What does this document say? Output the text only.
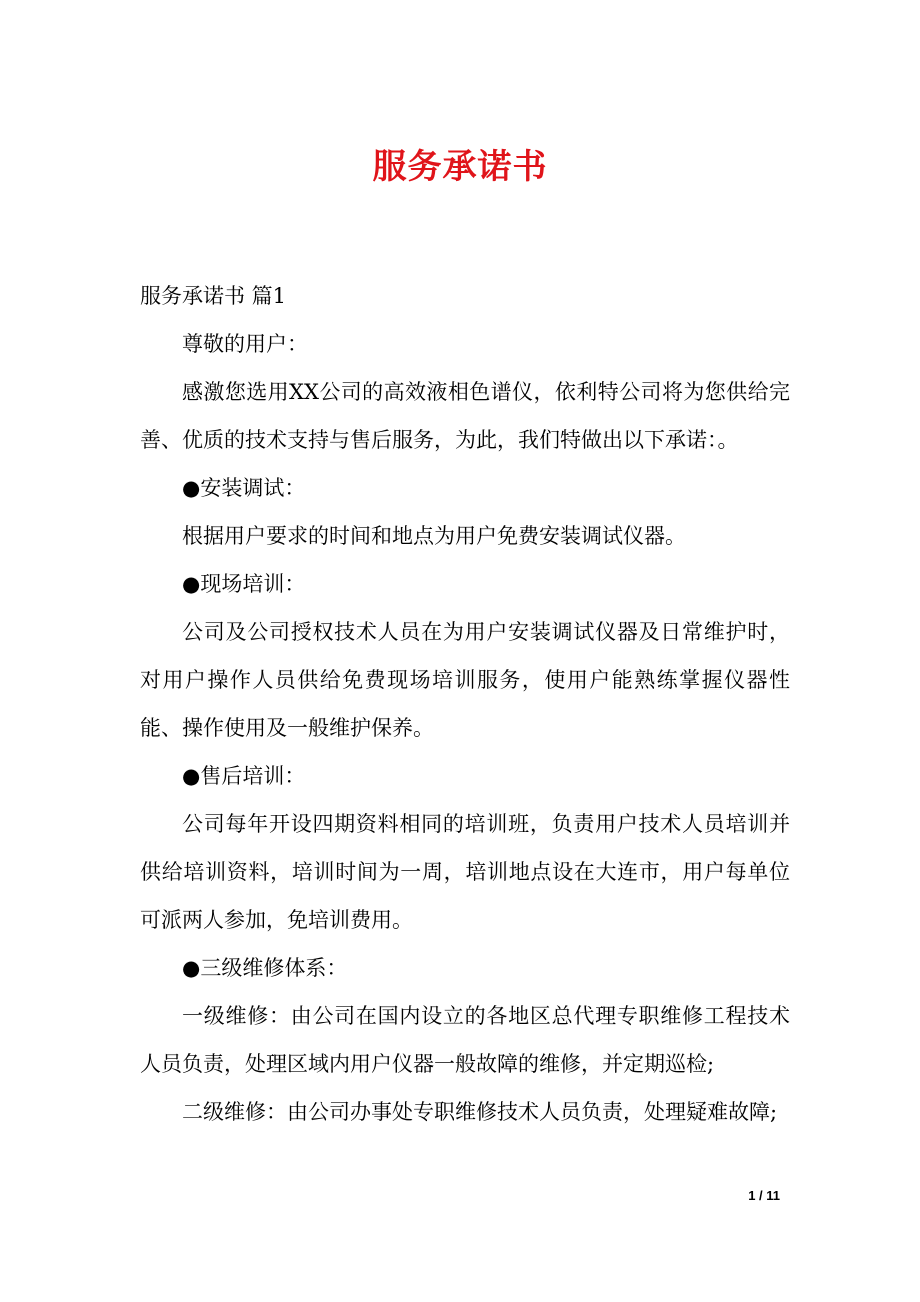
服务承诺书

服务承诺书 篇1

尊敬的用户：

感激您选用XX公司的高效液相色谱仪，依利特公司将为您供给完善、优质的技术支持与售后服务，为此，我们特做出以下承诺：。

●安装调试：

根据用户要求的时间和地点为用户免费安装调试仪器。

●现场培训：

公司及公司授权技术人员在为用户安装调试仪器及日常维护时，对用户操作人员供给免费现场培训服务，使用户能熟练掌握仪器性能、操作使用及一般维护保养。

●售后培训：

公司每年开设四期资料相同的培训班，负责用户技术人员培训并供给培训资料，培训时间为一周，培训地点设在大连市，用户每单位可派两人参加，免培训费用。

●三级维修体系：

一级维修：由公司在国内设立的各地区总代理专职维修工程技术人员负责，处理区域内用户仪器一般故障的维修，并定期巡检;

二级维修：由公司办事处专职维修技术人员负责，处理疑难故障;

1 / 11
